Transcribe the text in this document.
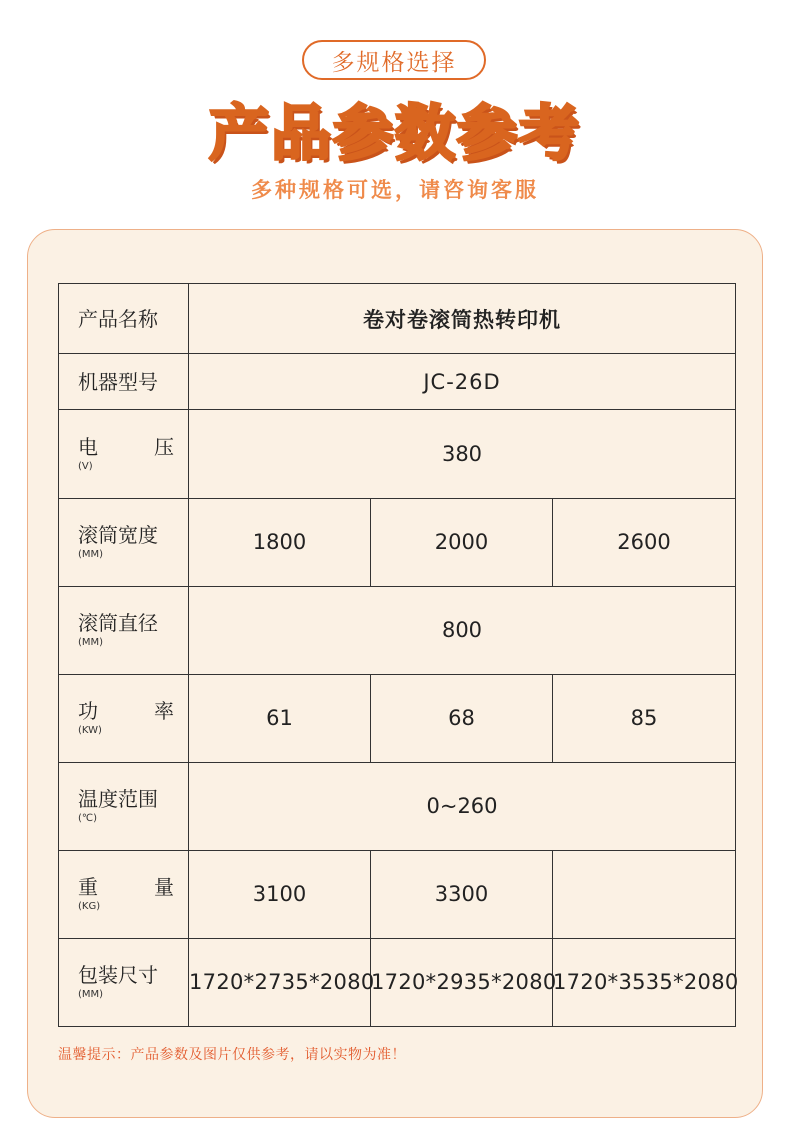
多规格选择
产品参数参考
多种规格可选，请咨询客服
产品名称	卷对卷滚筒热转印机		

机器型号	JC-26D		

电 压
(V)	380		

滚筒宽度
(MM)	1800	2000	2600

滚筒直径
(MM)	800		

功 率
(KW)	61	68	85

温度范围
(℃)	0~260		

重 量
(KG)	3100	3300	

包装尺寸
(MM)	1720*2735*2080	1720*2935*2080	1720*3535*2080
温馨提示：产品参数及图片仅供参考，请以实物为准！
